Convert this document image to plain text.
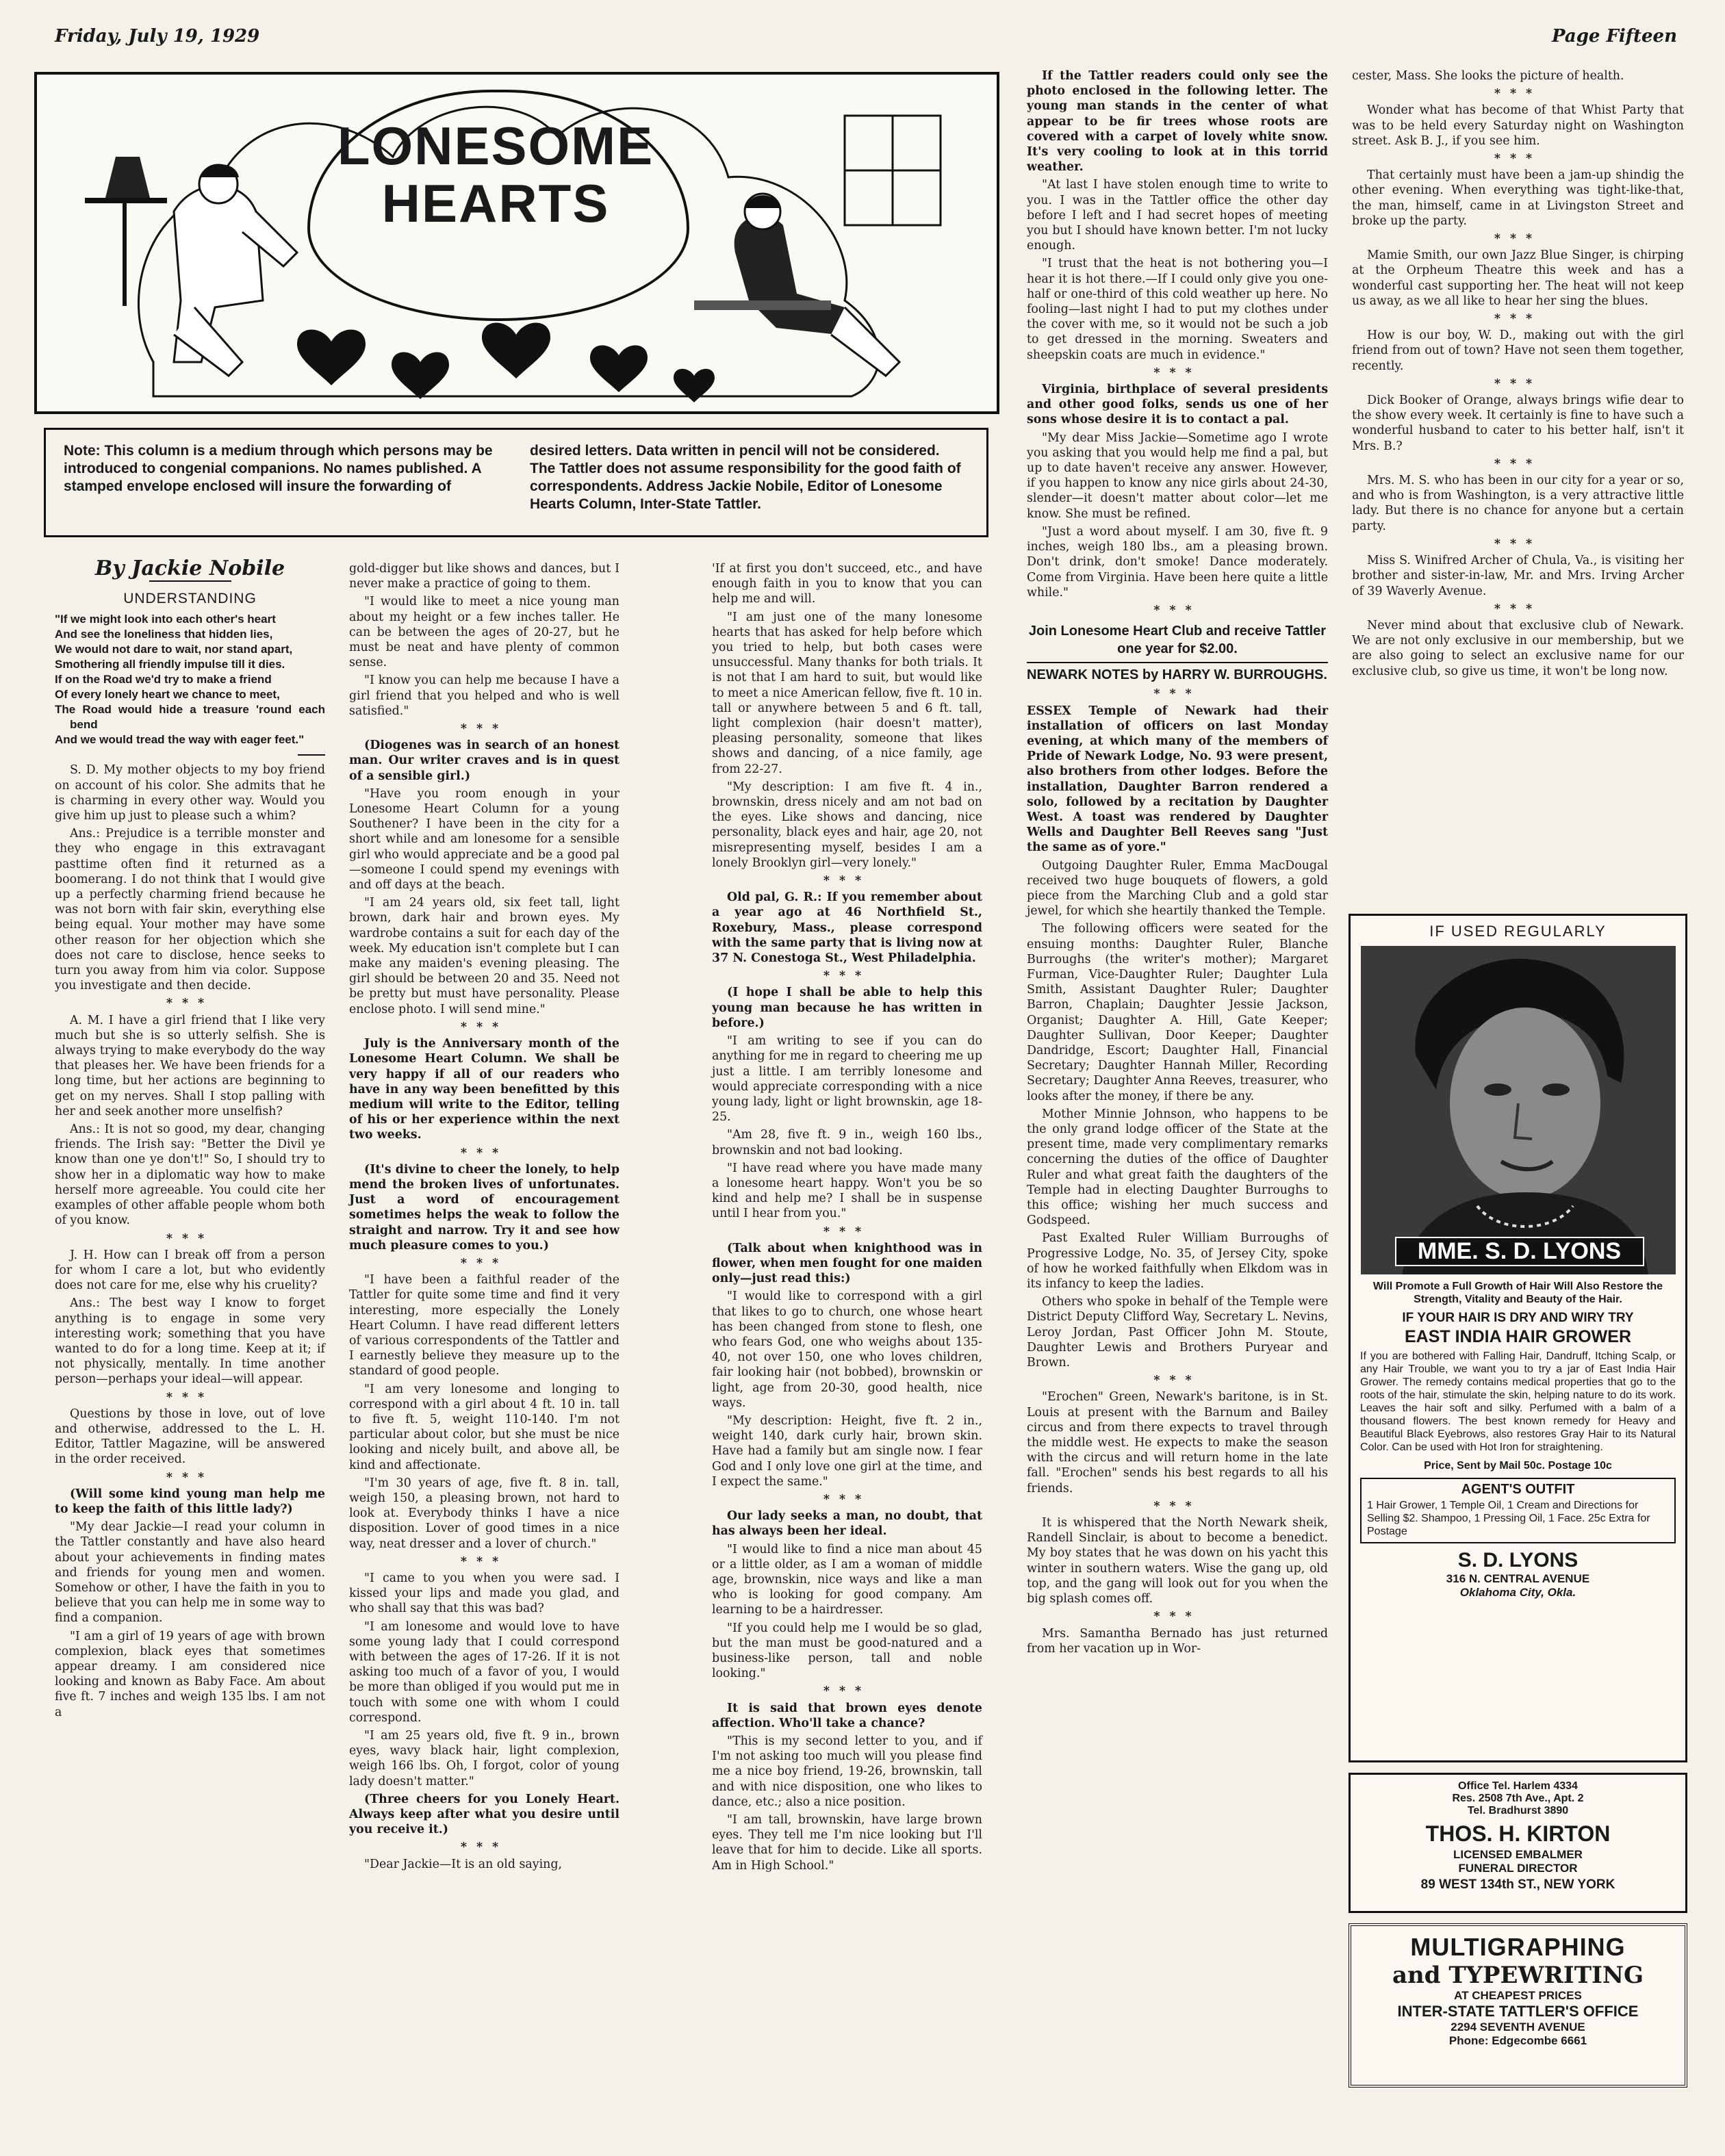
Friday, July 19, 1929	Page Fifteen
LONESOME
HEARTS

Note: This column is a medium through which persons may be introduced to congenial companions. No names published. A stamped envelope enclosed will insure the forwarding of

desired letters. Data written in pencil will not be considered. The Tattler does not assume responsibility for the good faith of correspondents. Address Jackie Nobile, Editor of Lonesome Hearts Column, Inter-State Tattler.

By Jackie Nobile
UNDERSTANDING
"If we might look into each other's heart
And see the loneliness that hidden lies,
We would not dare to wait, nor stand apart,
Smothering all friendly impulse till it dies.
If on the Road we'd try to make a friend
Of every lonely heart we chance to meet,
The Road would hide a treasure 'round each bend
And we would tread the way with eager feet."

S. D. My mother objects to my boy friend on account of his color. She admits that he is charming in every other way. Would you give him up just to please such a whim?

Ans.: Prejudice is a terrible monster and they who engage in this extravagant pasttime often find it returned as a boomerang. I do not think that I would give up a perfectly charming friend because he was not born with fair skin, everything else being equal. Your mother may have some other reason for her objection which she does not care to disclose, hence seeks to turn you away from him via color. Suppose you investigate and then decide.

***

A. M. I have a girl friend that I like very much but she is so utterly selfish. She is always trying to make everybody do the way that pleases her. We have been friends for a long time, but her actions are beginning to get on my nerves. Shall I stop palling with her and seek another more unselfish?

Ans.: It is not so good, my dear, changing friends. The Irish say: "Better the Divil ye know than one ye don't!" So, I should try to show her in a diplomatic way how to make herself more agreeable. You could cite her examples of other affable people whom both of you know.

***

J. H. How can I break off from a person for whom I care a lot, but who evidently does not care for me, else why his cruelity?

Ans.: The best way I know to forget anything is to engage in some very interesting work; something that you have wanted to do for a long time. Keep at it; if not physically, mentally. In time another person—perhaps your ideal—will appear.

***

Questions by those in love, out of love and otherwise, addressed to the L. H. Editor, Tattler Magazine, will be answered in the order received.

***

(Will some kind young man help me to keep the faith of this little lady?)

"My dear Jackie—I read your column in the Tattler constantly and have also heard about your achievements in finding mates and friends for young men and women. Somehow or other, I have the faith in you to believe that you can help me in some way to find a companion.

"I am a girl of 19 years of age with brown complexion, black eyes that sometimes appear dreamy. I am considered nice looking and known as Baby Face. Am about five ft. 7 inches and weigh 135 lbs. I am not a

gold-digger but like shows and dances, but I never make a practice of going to them.

"I would like to meet a nice young man about my height or a few inches taller. He can be between the ages of 20-27, but he must be neat and have plenty of common sense.

"I know you can help me because I have a girl friend that you helped and who is well satisfied."

***

(Diogenes was in search of an honest man. Our writer craves and is in quest of a sensible girl.)

"Have you room enough in your Lonesome Heart Column for a young Southener? I have been in the city for a short while and am lonesome for a sensible girl who would appreciate and be a good pal—someone I could spend my evenings with and off days at the beach.

"I am 24 years old, six feet tall, light brown, dark hair and brown eyes. My wardrobe contains a suit for each day of the week. My education isn't complete but I can make any maiden's evening pleasing. The girl should be between 20 and 35. Need not be pretty but must have personality. Please enclose photo. I will send mine."

***

July is the Anniversary month of the Lonesome Heart Column. We shall be very happy if all of our readers who have in any way been benefitted by this medium will write to the Editor, telling of his or her experience within the next two weeks.

***

(It's divine to cheer the lonely, to help mend the broken lives of unfortunates. Just a word of encouragement sometimes helps the weak to follow the straight and narrow. Try it and see how much pleasure comes to you.)

***

"I have been a faithful reader of the Tattler for quite some time and find it very interesting, more especially the Lonely Heart Column. I have read different letters of various correspondents of the Tattler and I earnestly believe they measure up to the standard of good people.

"I am very lonesome and longing to correspond with a girl about 4 ft. 10 in. tall to five ft. 5, weight 110-140. I'm not particular about color, but she must be nice looking and nicely built, and above all, be kind and affectionate.

"I'm 30 years of age, five ft. 8 in. tall, weigh 150, a pleasing brown, not hard to look at. Everybody thinks I have a nice disposition. Lover of good times in a nice way, neat dresser and a lover of church."

***

"I came to you when you were sad. I kissed your lips and made you glad, and who shall say that this was bad?

"I am lonesome and would love to have some young lady that I could correspond with between the ages of 17-26. If it is not asking too much of a favor of you, I would be more than obliged if you would put me in touch with some one with whom I could correspond.

"I am 25 years old, five ft. 9 in., brown eyes, wavy black hair, light complexion, weigh 166 lbs. Oh, I forgot, color of young lady doesn't matter."

(Three cheers for you Lonely Heart. Always keep after what you desire until you receive it.)

***

"Dear Jackie—It is an old saying,

'If at first you don't succeed, etc., and have enough faith in you to know that you can help me and will.

"I am just one of the many lonesome hearts that has asked for help before which you tried to help, but both cases were unsuccessful. Many thanks for both trials. It is not that I am hard to suit, but would like to meet a nice American fellow, five ft. 10 in. tall or anywhere between 5 and 6 ft. tall, light complexion (hair doesn't matter), pleasing personality, someone that likes shows and dancing, of a nice family, age from 22-27.

"My description: I am five ft. 4 in., brownskin, dress nicely and am not bad on the eyes. Like shows and dancing, nice personality, black eyes and hair, age 20, not misrepresenting myself, besides I am a lonely Brooklyn girl—very lonely."

***

Old pal, G. R.: If you remember about a year ago at 46 Northfield St., Roxebury, Mass., please correspond with the same party that is living now at 37 N. Conestoga St., West Philadelphia.

***

(I hope I shall be able to help this young man because he has written in before.)

"I am writing to see if you can do anything for me in regard to cheering me up just a little. I am terribly lonesome and would appreciate corresponding with a nice young lady, light or light brownskin, age 18-25.

"Am 28, five ft. 9 in., weigh 160 lbs., brownskin and not bad looking.

"I have read where you have made many a lonesome heart happy. Won't you be so kind and help me? I shall be in suspense until I hear from you."

***

(Talk about when knighthood was in flower, when men fought for one maiden only—just read this:)

"I would like to correspond with a girl that likes to go to church, one whose heart has been changed from stone to flesh, one who fears God, one who weighs about 135-40, not over 150, one who loves children, fair looking hair (not bobbed), brownskin or light, age from 20-30, good health, nice ways.

"My description: Height, five ft. 2 in., weight 140, dark curly hair, brown skin. Have had a family but am single now. I fear God and I only love one girl at the time, and I expect the same."

***

Our lady seeks a man, no doubt, that has always been her ideal.

"I would like to find a nice man about 45 or a little older, as I am a woman of middle age, brownskin, nice ways and like a man who is looking for good company. Am learning to be a hairdresser.

"If you could help me I would be so glad, but the man must be good-natured and a business-like person, tall and noble looking."

***

It is said that brown eyes denote affection. Who'll take a chance?

"This is my second letter to you, and if I'm not asking too much will you please find me a nice boy friend, 19-26, brownskin, tall and with nice disposition, one who likes to dance, etc.; also a nice position.

"I am tall, brownskin, have large brown eyes. They tell me I'm nice looking but I'll leave that for him to decide. Like all sports. Am in High School."

If the Tattler readers could only see the photo enclosed in the following letter. The young man stands in the center of what appear to be fir trees whose roots are covered with a carpet of lovely white snow. It's very cooling to look at in this torrid weather.

"At last I have stolen enough time to write to you. I was in the Tattler office the other day before I left and I had secret hopes of meeting you but I should have known better. I'm not lucky enough.

"I trust that the heat is not bothering you—I hear it is hot there.—If I could only give you one-half or one-third of this cold weather up here. No fooling—last night I had to put my clothes under the cover with me, so it would not be such a job to get dressed in the morning. Sweaters and sheepskin coats are much in evidence."

***

Virginia, birthplace of several presidents and other good folks, sends us one of her sons whose desire it is to contact a pal.

"My dear Miss Jackie—Sometime ago I wrote you asking that you would help me find a pal, but up to date haven't receive any answer. However, if you happen to know any nice girls about 24-30, slender—it doesn't matter about color—let me know. She must be refined.

"Just a word about myself. I am 30, five ft. 9 inches, weigh 180 lbs., am a pleasing brown. Don't drink, don't smoke! Dance moderately. Come from Virginia. Have been here quite a little while."

***
Join Lonesome Heart Club and receive Tattler one year for $2.00.
NEWARK NOTES by HARRY W. BURROUGHS.
***

ESSEX Temple of Newark had their installation of officers on last Monday evening, at which many of the members of Pride of Newark Lodge, No. 93 were present, also brothers from other lodges. Before the installation, Daughter Barron rendered a solo, followed by a recitation by Daughter West. A toast was rendered by Daughter Wells and Daughter Bell Reeves sang "Just the same as of yore."

Outgoing Daughter Ruler, Emma MacDougal received two huge bouquets of flowers, a gold piece from the Marching Club and a gold star jewel, for which she heartily thanked the Temple.

The following officers were seated for the ensuing months: Daughter Ruler, Blanche Burroughs (the writer's mother); Margaret Furman, Vice-Daughter Ruler; Daughter Lula Smith, Assistant Daughter Ruler; Daughter Barron, Chaplain; Daughter Jessie Jackson, Organist; Daughter A. Hill, Gate Keeper; Daughter Sullivan, Door Keeper; Daughter Dandridge, Escort; Daughter Hall, Financial Secretary; Daughter Hannah Miller, Recording Secretary; Daughter Anna Reeves, treasurer, who looks after the money, if there be any.

Mother Minnie Johnson, who happens to be the only grand lodge officer of the State at the present time, made very complimentary remarks concerning the duties of the office of Daughter Ruler and what great faith the daughters of the Temple had in electing Daughter Burroughs to this office; wishing her much success and Godspeed.

Past Exalted Ruler William Burroughs of Progressive Lodge, No. 35, of Jersey City, spoke of how he worked faithfully when Elkdom was in its infancy to keep the ladies.

Others who spoke in behalf of the Temple were District Deputy Clifford Way, Secretary L. Nevins, Leroy Jordan, Past Officer John M. Stoute, Daughter Lewis and Brothers Puryear and Brown.

***

"Erochen" Green, Newark's baritone, is in St. Louis at present with the Barnum and Bailey circus and from there expects to travel through the middle west. He expects to make the season with the circus and will return home in the late fall. "Erochen" sends his best regards to all his friends.

***

It is whispered that the North Newark sheik, Randell Sinclair, is about to become a benedict. My boy states that he was down on his yacht this winter in southern waters. Wise the gang up, old top, and the gang will look out for you when the big splash comes off.

***

Mrs. Samantha Bernado has just returned from her vacation up in Wor-

cester, Mass. She looks the picture of health.

***

Wonder what has become of that Whist Party that was to be held every Saturday night on Washington street. Ask B. J., if you see him.

***

That certainly must have been a jam-up shindig the other evening. When everything was tight-like-that, the man, himself, came in at Livingston Street and broke up the party.

***

Mamie Smith, our own Jazz Blue Singer, is chirping at the Orpheum Theatre this week and has a wonderful cast supporting her. The heat will not keep us away, as we all like to hear her sing the blues.

***

How is our boy, W. D., making out with the girl friend from out of town? Have not seen them together, recently.

***

Dick Booker of Orange, always brings wifie dear to the show every week. It certainly is fine to have such a wonderful husband to cater to his better half, isn't it Mrs. B.?

***

Mrs. M. S. who has been in our city for a year or so, and who is from Washington, is a very attractive little lady. But there is no chance for anyone but a certain party.

***

Miss S. Winifred Archer of Chula, Va., is visiting her brother and sister-in-law, Mr. and Mrs. Irving Archer of 39 Waverly Avenue.

***

Never mind about that exclusive club of Newark. We are not only exclusive in our membership, but we are also going to select an exclusive name for our exclusive club, so give us time, it won't be long now.

IF USED REGULARLY
MME. S. D. LYONS
Will Promote a Full Growth of Hair Will Also Restore the Strength, Vitality and Beauty of the Hair.
IF YOUR HAIR IS DRY AND WIRY TRY
EAST INDIA HAIR GROWER
If you are bothered with Falling Hair, Dandruff, Itching Scalp, or any Hair Trouble, we want you to try a jar of East India Hair Grower. The remedy contains medical properties that go to the roots of the hair, stimulate the skin, helping nature to do its work. Leaves the hair soft and silky. Perfumed with a balm of a thousand flowers. The best known remedy for Heavy and Beautiful Black Eyebrows, also restores Gray Hair to its Natural Color. Can be used with Hot Iron for straightening.
Price, Sent by Mail 50c. Postage 10c
AGENT'S OUTFIT
1 Hair Grower, 1 Temple Oil, 1 Cream and Directions for Selling $2. Shampoo, 1 Pressing Oil, 1 Face. 25c Extra for Postage
S. D. LYONS
316 N. CENTRAL AVENUE
Oklahoma City, Okla.
Office Tel. Harlem 4334
Res. 2508 7th Ave., Apt. 2
Tel. Bradhurst 3890
THOS. H. KIRTON
LICENSED EMBALMER
FUNERAL DIRECTOR
89 WEST 134th ST., NEW YORK
MULTIGRAPHING
and TYPEWRITING
AT CHEAPEST PRICES
INTER-STATE TATTLER'S OFFICE
2294 SEVENTH AVENUE
Phone: Edgecombe 6661
